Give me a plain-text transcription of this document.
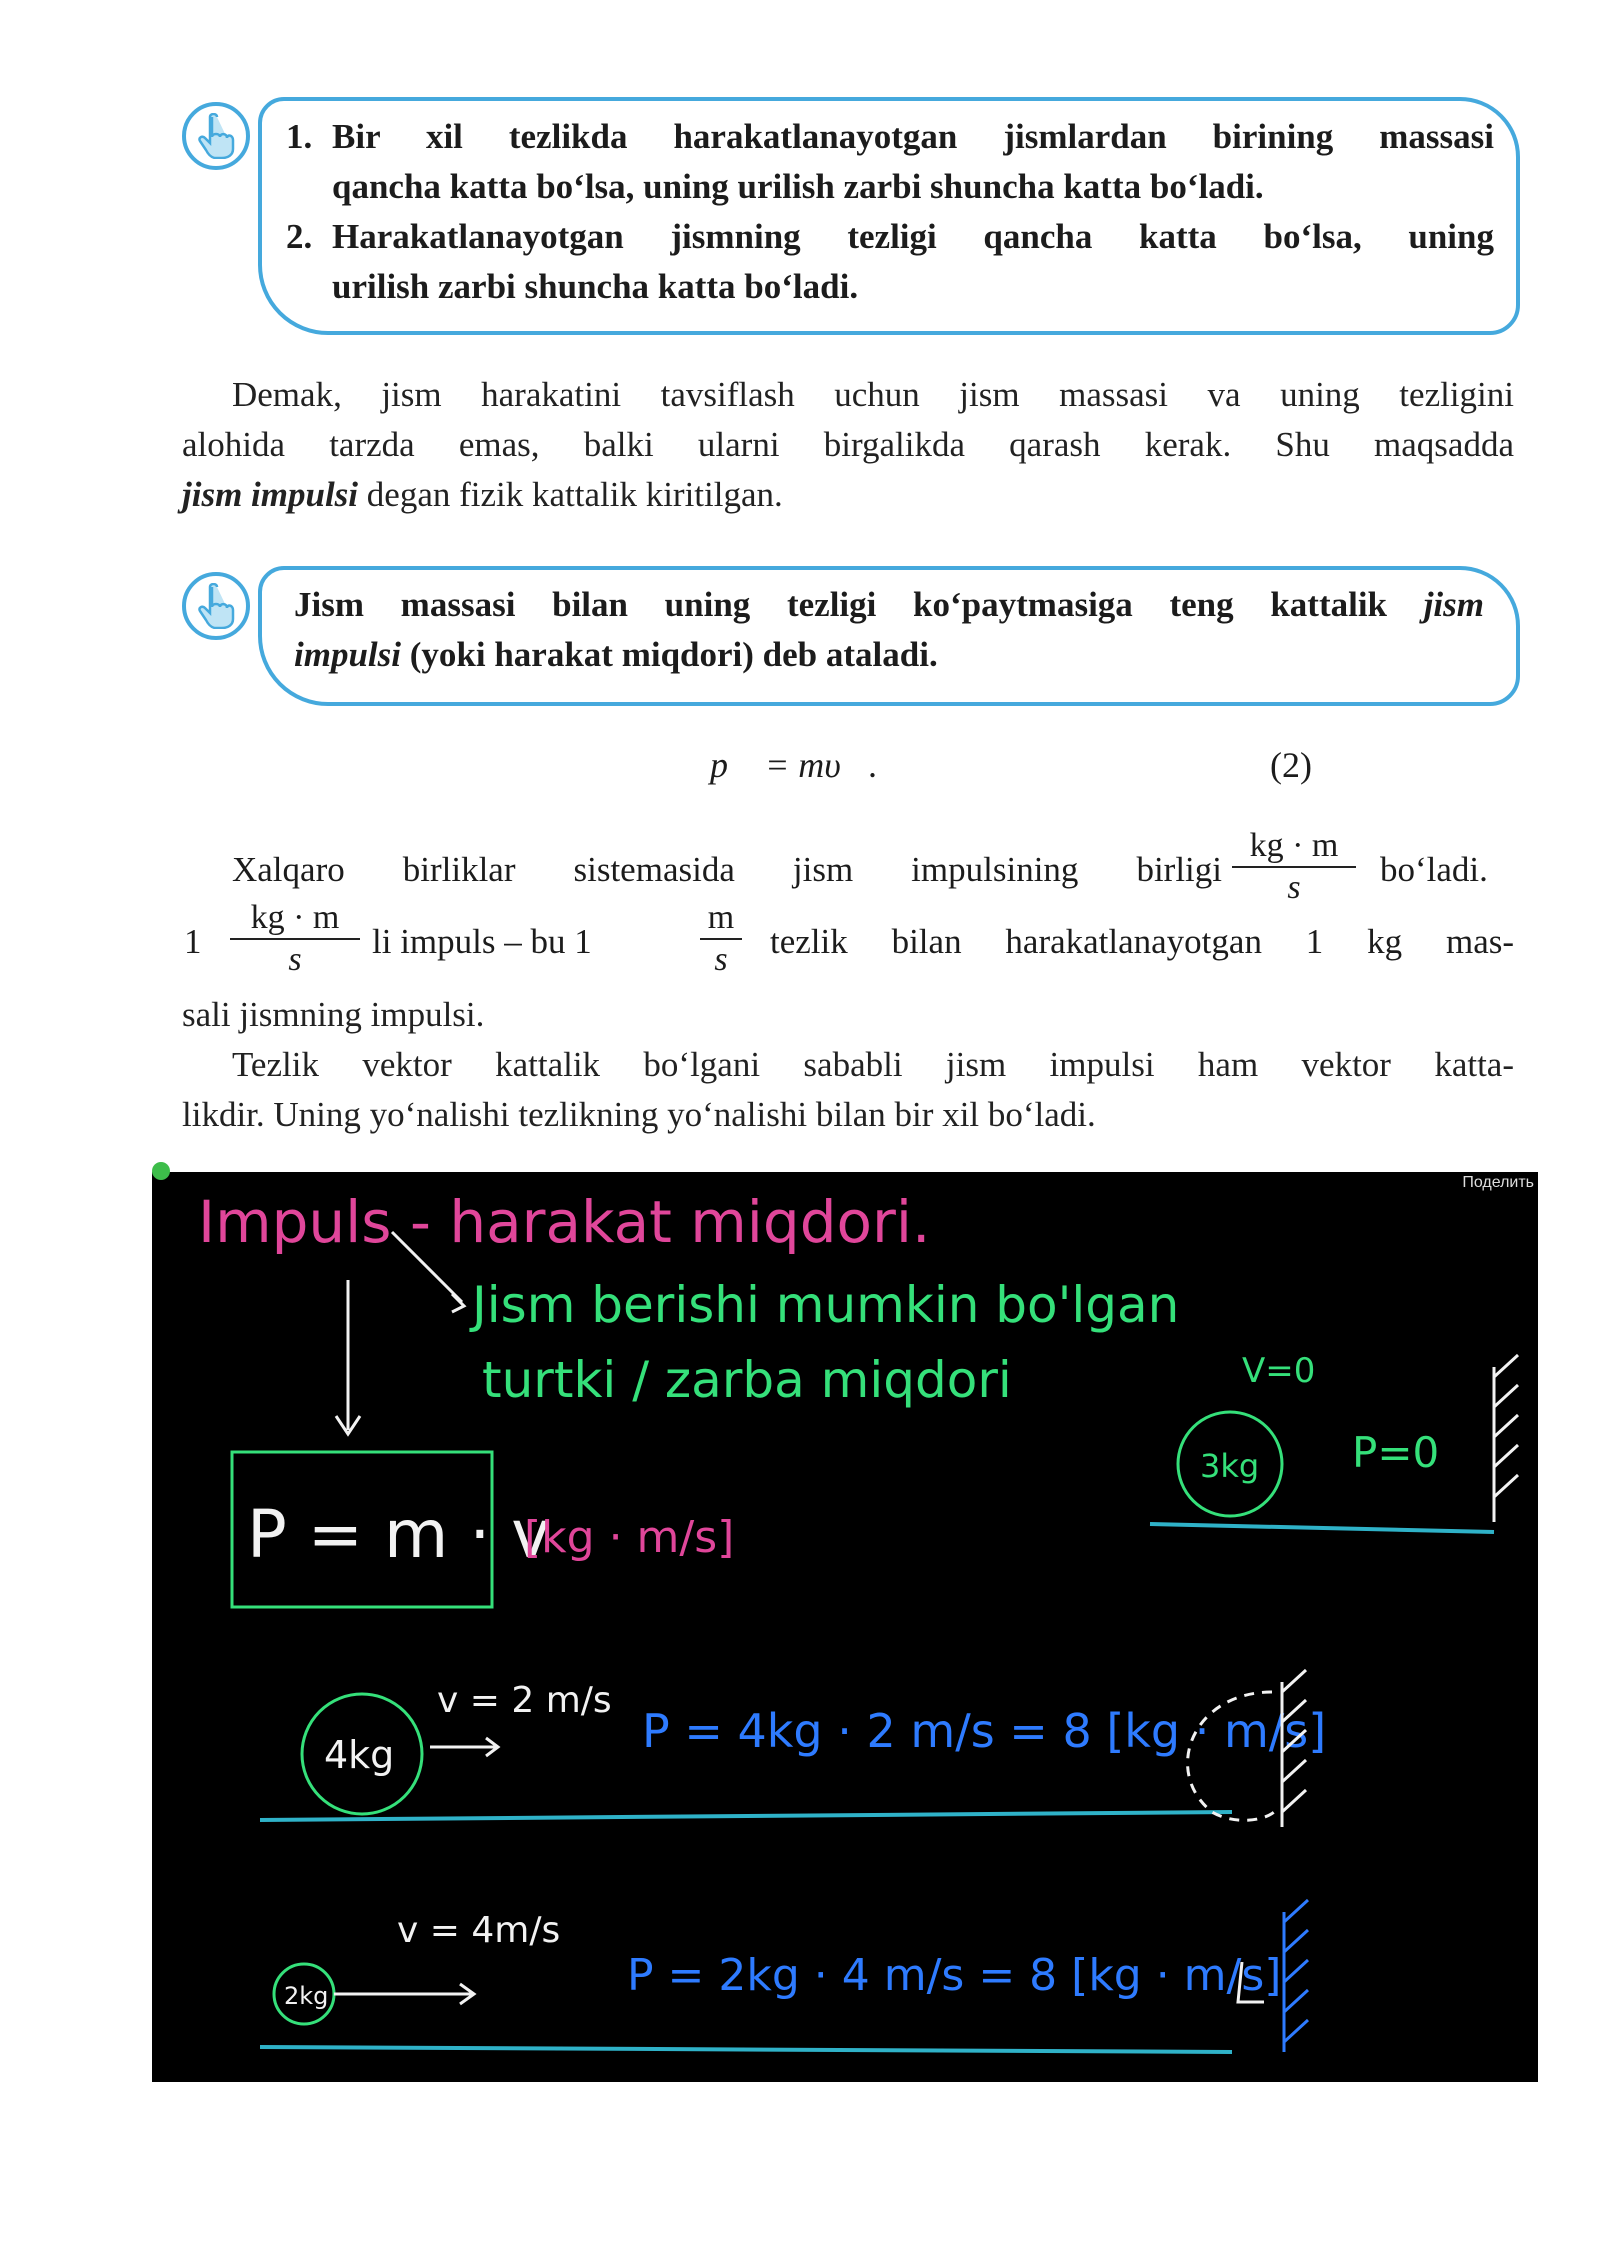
1. Bir xil tezlikda harakatlanayotgan jismlardan birining massasi
qancha katta bo‘lsa, uning urilish zarbi shuncha katta bo‘ladi.
2. Harakatlanayotgan jismning tezligi qancha katta bo‘lsa, uning
urilish zarbi shuncha katta bo‘ladi.
Demak, jism harakatini tavsiflash uchun jism massasi va uning tezligini
alohida tarzda emas, balki ularni birgalikda qarash kerak. Shu maqsadda
jism impulsi degan fizik kattalik kiritilgan.
Jism massasi bilan uning tezligi ko‘paytmasiga teng kattalik jism
impulsi (yoki harakat miqdori) deb ataladi.
p⃗ = mυ⃗.	(2)
Xalqaro birliklar sistemasida jism impulsining birligi $\frac{kg \cdot m}{s}$ bo‘ladi.
$1 \frac{kg \cdot m}{s}$ li impuls – bu 1	$\frac{m}{s}$ tezlik bilan harakatlanayotgan 1 kg mas-
sali jismning impulsi.
Tezlik vektor kattalik bo‘lgani sababli jism impulsi ham vektor katta-
likdir. Uning yo‘nalishi tezlikning yo‘nalishi bilan bir xil bo‘ladi.
Impuls - harakat miqdori.
Jism berishi mumkin bo'lgan
turtki / zarba miqdori
P = m · v
[kg · m/s]
V=0
3kg P=0
v = 2 m/s
4kg	P = 4kg · 2 m/s = 8 [kg · m/s]
v = 4m/s
2kg	P = 2kg · 4 m/s = 8 [kg · m/s]
Поделить
